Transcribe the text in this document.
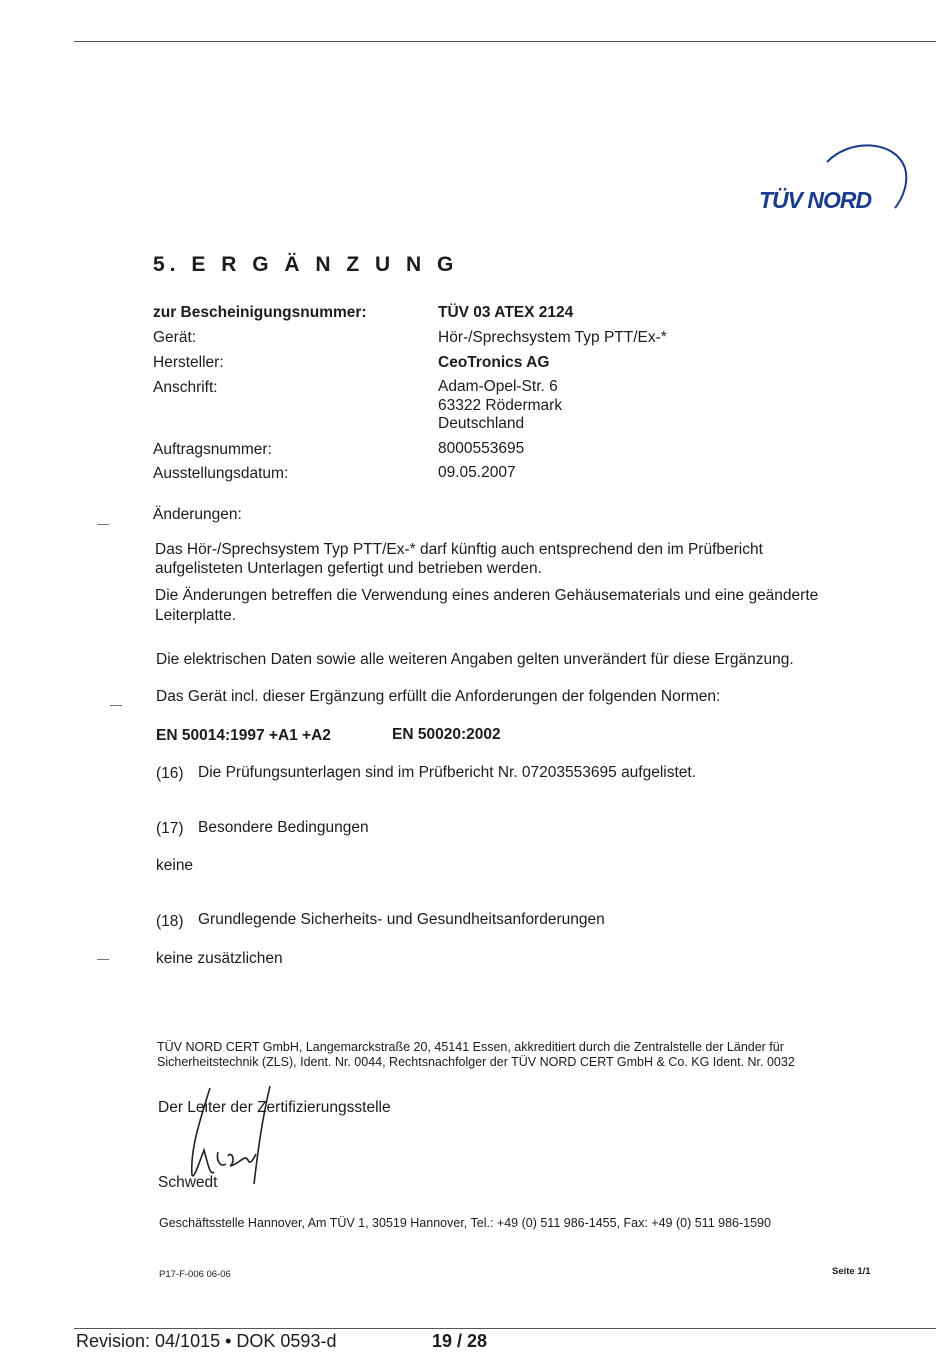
TÜV NORD
5. E R G Ä N Z U N G
zur Bescheinigungsnummer:	TÜV 03 ATEX 2124
Gerät:	Hör-/Sprechsystem Typ PTT/Ex-*
Hersteller:	CeoTronics AG
Anschrift:	Adam-Opel-Str. 6
63322 Rödermark
Deutschland
Auftragsnummer:	8000553695
Ausstellungsdatum:	09.05.2007
Änderungen:
Das Hör-/Sprechsystem Typ PTT/Ex-* darf künftig auch entsprechend den im Prüfbericht
aufgelisteten Unterlagen gefertigt und betrieben werden.
Die Änderungen betreffen die Verwendung eines anderen Gehäusematerials und eine geänderte
Leiterplatte.
Die elektrischen Daten sowie alle weiteren Angaben gelten unverändert für diese Ergänzung.
Das Gerät incl. dieser Ergänzung erfüllt die Anforderungen der folgenden Normen:
EN 50014:1997 +A1 +A2	EN 50020:2002
(16) Die Prüfungsunterlagen sind im Prüfbericht Nr. 07203553695 aufgelistet.
(17) Besondere Bedingungen
keine
(18) Grundlegende Sicherheits- und Gesundheitsanforderungen
keine zusätzlichen
TÜV NORD CERT GmbH, Langemarckstraße 20, 45141 Essen, akkreditiert durch die Zentralstelle der Länder für
Sicherheitstechnik (ZLS), Ident. Nr. 0044, Rechtsnachfolger der TÜV NORD CERT GmbH & Co. KG Ident. Nr. 0032
Der Leiter der Zertifizierungsstelle
Schwedt
Geschäftsstelle Hannover, Am TÜV 1, 30519 Hannover, Tel.: +49 (0) 511 986-1455, Fax: +49 (0) 511 986-1590
P17-F-006 06-06	Seite 1/1
Revision: 04/1015 • DOK 0593-d	19 / 28
